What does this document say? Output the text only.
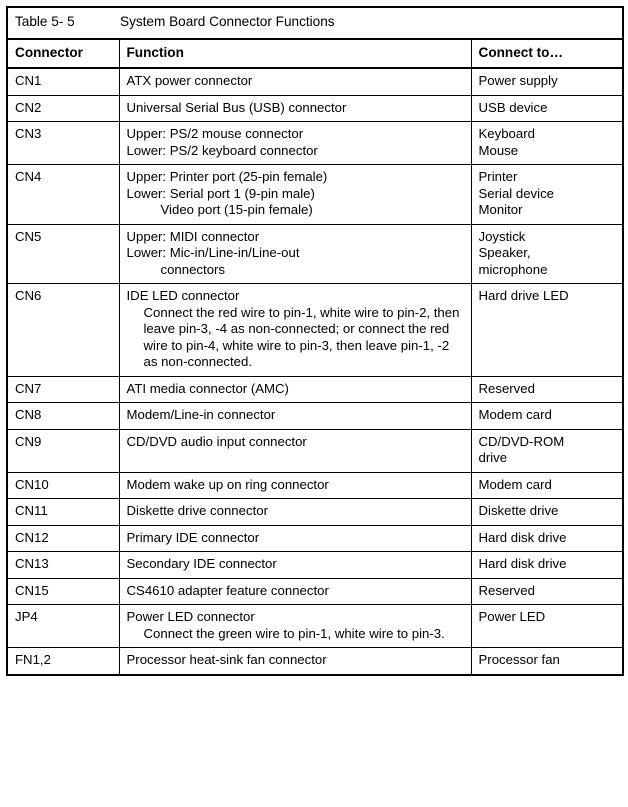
Table 5- 5 System Board Connector Functions		

Connector	Function	Connect to…
CN1	ATX power connector	Power supply

CN2	Universal Serial Bus (USB) connector	USB device

CN3	Upper: PS/2 mouse connector
Lower: PS/2 keyboard connector	Keyboard
Mouse

CN4	Upper: Printer port (25-pin female)
Lower: Serial port 1 (9-pin male)
Video port (15-pin female)	Printer
Serial device
Monitor

CN5	Upper: MIDI connector
Lower: Mic-in/Line-in/Line-out
connectors	Joystick
Speaker,
microphone

CN6	IDE LED connector
Connect the red wire to pin-1, white wire to pin-2, then leave pin-3, -4 as non-connected; or connect the red wire to pin-4, white wire to pin-3, then leave pin-1, -2 as non-connected.	Hard drive LED

CN7	ATI media connector (AMC)	Reserved

CN8	Modem/Line-in connector	Modem card

CN9	CD/DVD audio input connector	CD/DVD-ROM
drive

CN10	Modem wake up on ring connector	Modem card

CN11	Diskette drive connector	Diskette drive

CN12	Primary IDE connector	Hard disk drive

CN13	Secondary IDE connector	Hard disk drive

CN15	CS4610 adapter feature connector	Reserved

JP4	Power LED connector
Connect the green wire to pin-1, white wire to pin-3.	Power LED

FN1,2	Processor heat-sink fan connector	Processor fan
